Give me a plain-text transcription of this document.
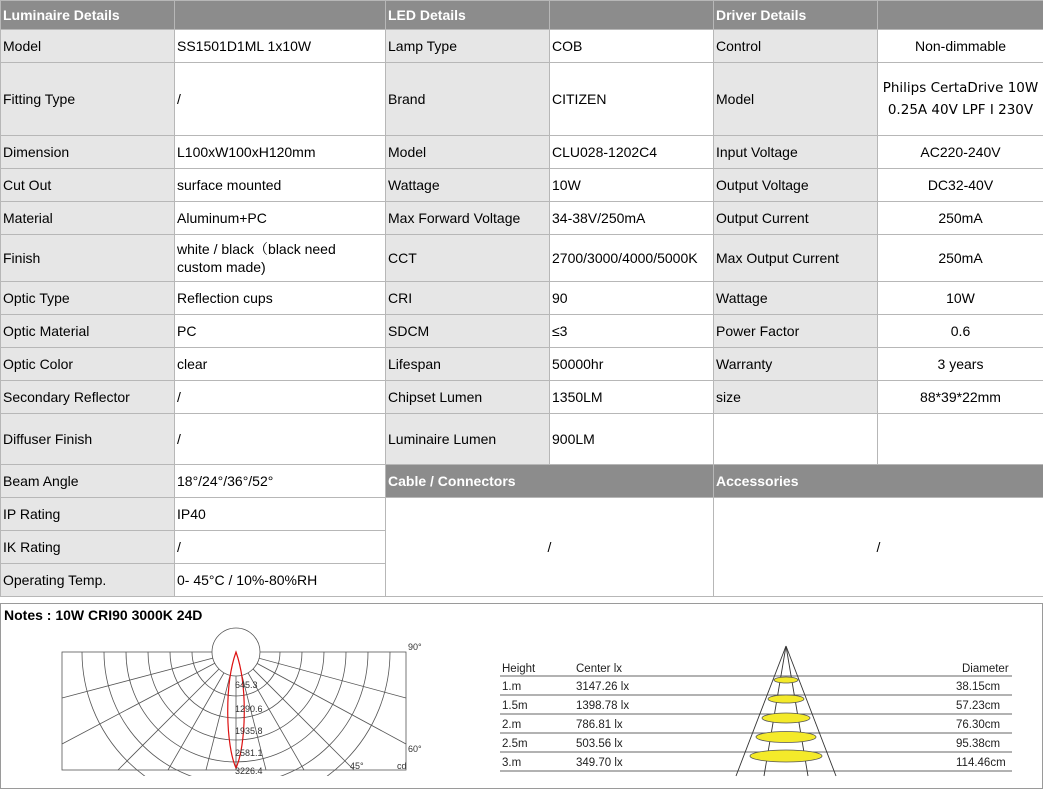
Luminaire Details		LED Details		Driver Details	
Model	SS1501D1ML 1x10W	Lamp Type	COB	Control	Non-dimmable
Fitting Type	/	Brand	CITIZEN	Model	Philips CertaDrive 10W 0.25A 40V LPF I 230V
Dimension	L100xW100xH120mm	Model	CLU028-1202C4	Input Voltage	AC220-240V
Cut Out	surface mounted	Wattage	10W	Output Voltage	DC32-40V
Material	Aluminum+PC	Max Forward Voltage	34-38V/250mA	Output Current	250mA
Finish	white / black（black need custom made)	CCT	2700/3000/4000/5000K	Max Output Current	250mA
Optic Type	Reflection cups	CRI	90	Wattage	10W
Optic Material	PC	SDCM	≤3	Power Factor	0.6
Optic Color	clear	Lifespan	50000hr	Warranty	3 years
Secondary Reflector	/	Chipset Lumen	1350LM	size	88*39*22mm
Diffuser Finish	/	Luminaire Lumen	900LM		
Beam Angle	18°/24°/36°/52°	Cable / Connectors		Accessories	
IP Rating	IP40	/		/	
IK Rating	/				
Operating Temp.	0- 45°C / 10%-80%RH				
Notes : 10W CRI90 3000K 24D
645.3
1290.6
1935.8
2581.1
3226.4
90°
60°
45°	cd
Height	Center lx	Diameter
1.m	3147.26 lx	38.15cm
1.5m	1398.78 lx	57.23cm
2.m	786.81 lx	76.30cm
2.5m	503.56 lx	95.38cm
3.m	349.70 lx	114.46cm
